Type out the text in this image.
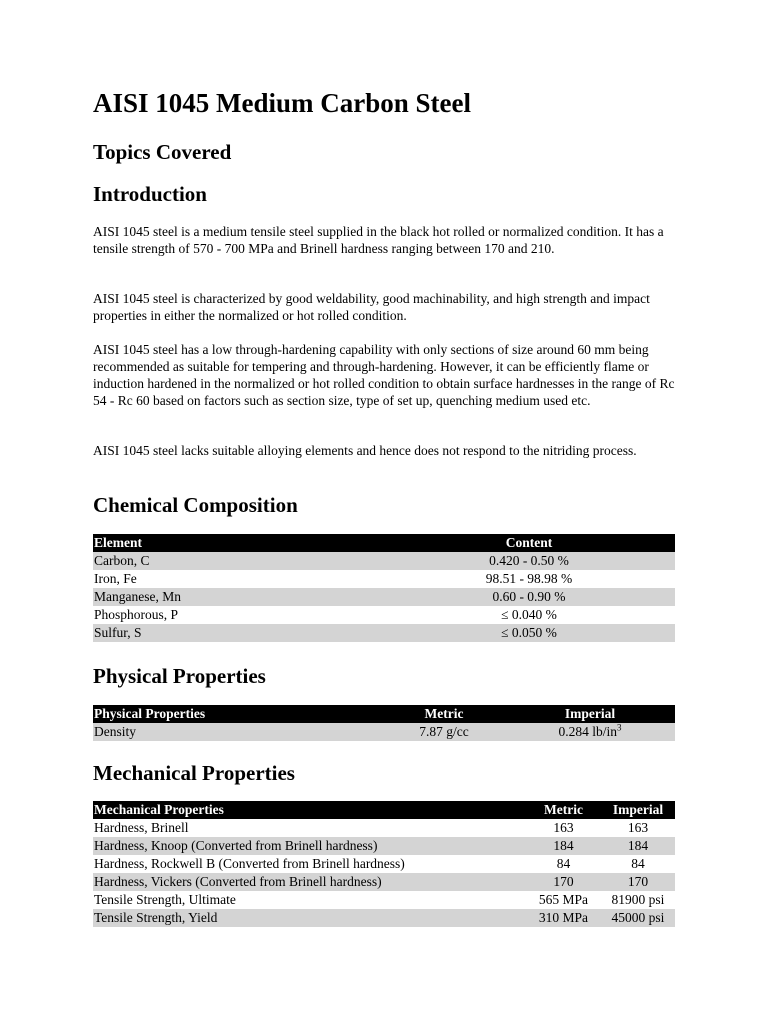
AISI 1045 Medium Carbon Steel
Topics Covered
Introduction

AISI 1045 steel is a medium tensile steel supplied in the black hot rolled or normalized condition. It has a tensile strength of 570 - 700 MPa and Brinell hardness ranging between 170 and 210.

AISI 1045 steel is characterized by good weldability, good machinability, and high strength and impact properties in either the normalized or hot rolled condition.

AISI 1045 steel has a low through-hardening capability with only sections of size around 60 mm being recommended as suitable for tempering and through-hardening. However, it can be efficiently flame or induction hardened in the normalized or hot rolled condition to obtain surface hardnesses in the range of Rc 54 - Rc 60 based on factors such as section size, type of set up, quenching medium used etc.

AISI 1045 steel lacks suitable alloying elements and hence does not respond to the nitriding process.

Chemical Composition
Element	Content
Carbon, C	0.420 - 0.50 %
Iron, Fe	98.51 - 98.98 %
Manganese, Mn	0.60 - 0.90 %
Phosphorous, P	≤ 0.040 %
Sulfur, S	≤ 0.050 %
Physical Properties
Physical Properties	Metric	Imperial
Density	7.87 g/cc	0.284 $lb/in^3$
Mechanical Properties
Mechanical Properties	Metric	Imperial
Hardness, Brinell	163	163
Hardness, Knoop (Converted from Brinell hardness)	184	184
Hardness, Rockwell B (Converted from Brinell hardness)	84	84
Hardness, Vickers (Converted from Brinell hardness)	170	170
Tensile Strength, Ultimate	565 MPa	81900 psi
Tensile Strength, Yield	310 MPa	45000 psi
